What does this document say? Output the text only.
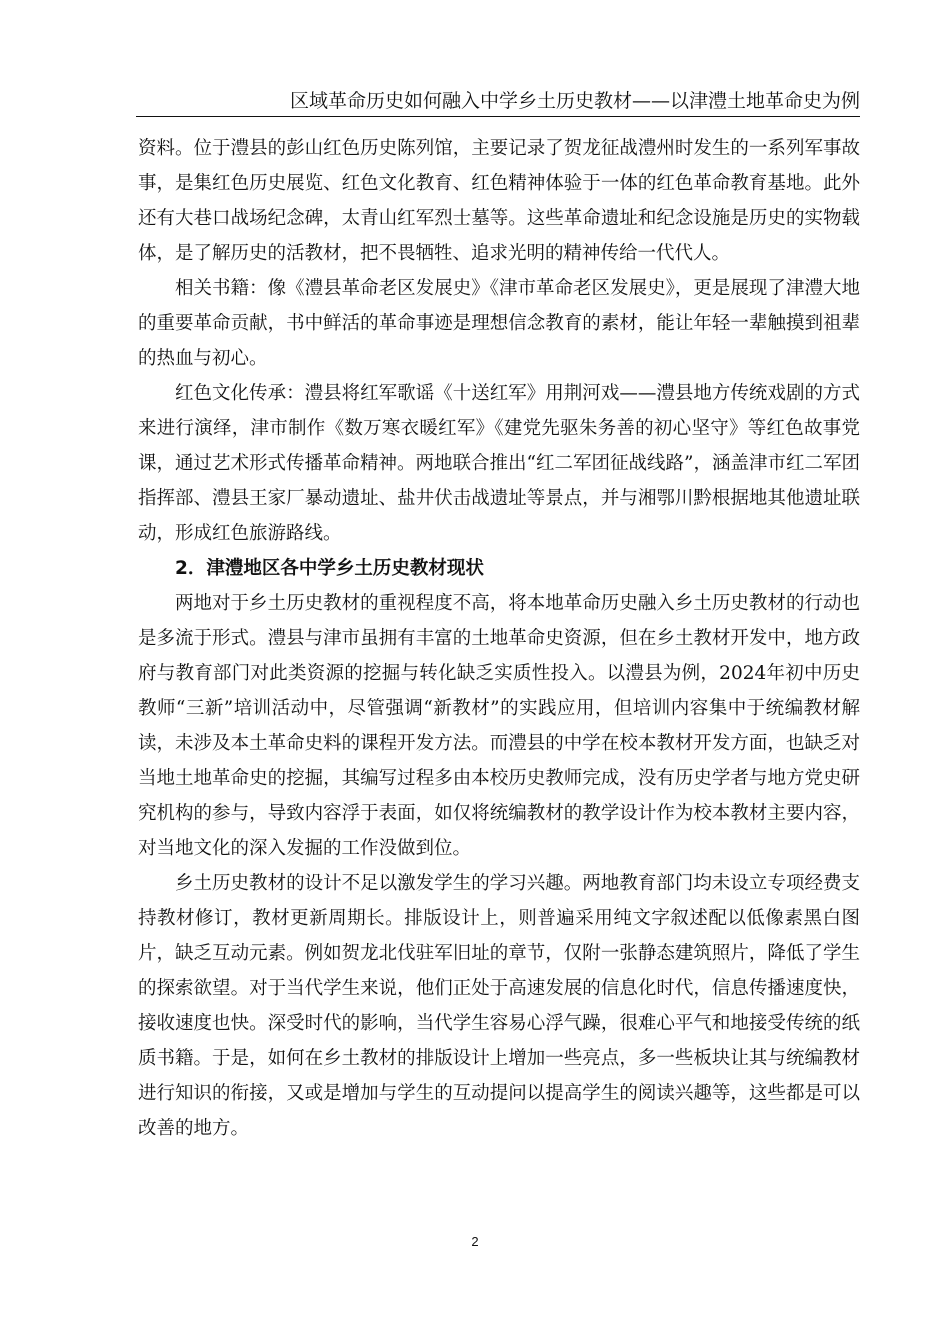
区域革命历史如何融入中学乡土历史教材——以津澧土地革命史为例

资料。位于澧县的彭山红色历史陈列馆，主要记录了贺龙征战澧州时发生的一系列军事故事，是集红色历史展览、红色文化教育、红色精神体验于一体的红色革命教育基地。此外还有大巷口战场纪念碑，太青山红军烈士墓等。这些革命遗址和纪念设施是历史的实物载体，是了解历史的活教材，把不畏牺牲、追求光明的精神传给一代代人。

相关书籍：像《澧县革命老区发展史》《津市革命老区发展史》，更是展现了津澧大地的重要革命贡献，书中鲜活的革命事迹是理想信念教育的素材，能让年轻一辈触摸到祖辈的热血与初心。

红色文化传承：澧县将红军歌谣《十送红军》用荆河戏——澧县地方传统戏剧的方式来进行演绎，津市制作《数万寒衣暖红军》《建党先驱朱务善的初心坚守》等红色故事党课，通过艺术形式传播革命精神。两地联合推出“红二军团征战线路”，涵盖津市红二军团指挥部、澧县王家厂暴动遗址、盐井伏击战遗址等景点，并与湘鄂川黔根据地其他遗址联动，形成红色旅游路线。

2．津澧地区各中学乡土历史教材现状

两地对于乡土历史教材的重视程度不高，将本地革命历史融入乡土历史教材的行动也是多流于形式。澧县与津市虽拥有丰富的土地革命史资源，但在乡土教材开发中，地方政府与教育部门对此类资源的挖掘与转化缺乏实质性投入。以澧县为例，2024年初中历史教师“三新”培训活动中，尽管强调“新教材”的实践应用，但培训内容集中于统编教材解读，未涉及本土革命史料的课程开发方法。而澧县的中学在校本教材开发方面，也缺乏对当地土地革命史的挖掘，其编写过程多由本校历史教师完成，没有历史学者与地方党史研究机构的参与，导致内容浮于表面，如仅将统编教材的教学设计作为校本教材主要内容，对当地文化的深入发掘的工作没做到位。

乡土历史教材的设计不足以激发学生的学习兴趣。两地教育部门均未设立专项经费支持教材修订，教材更新周期长。排版设计上，则普遍采用纯文字叙述配以低像素黑白图片，缺乏互动元素。例如贺龙北伐驻军旧址的章节，仅附一张静态建筑照片，降低了学生的探索欲望。对于当代学生来说，他们正处于高速发展的信息化时代，信息传播速度快，接收速度也快。深受时代的影响，当代学生容易心浮气躁，很难心平气和地接受传统的纸质书籍。于是，如何在乡土教材的排版设计上增加一些亮点，多一些板块让其与统编教材进行知识的衔接，又或是增加与学生的互动提问以提高学生的阅读兴趣等，这些都是可以改善的地方。

2
